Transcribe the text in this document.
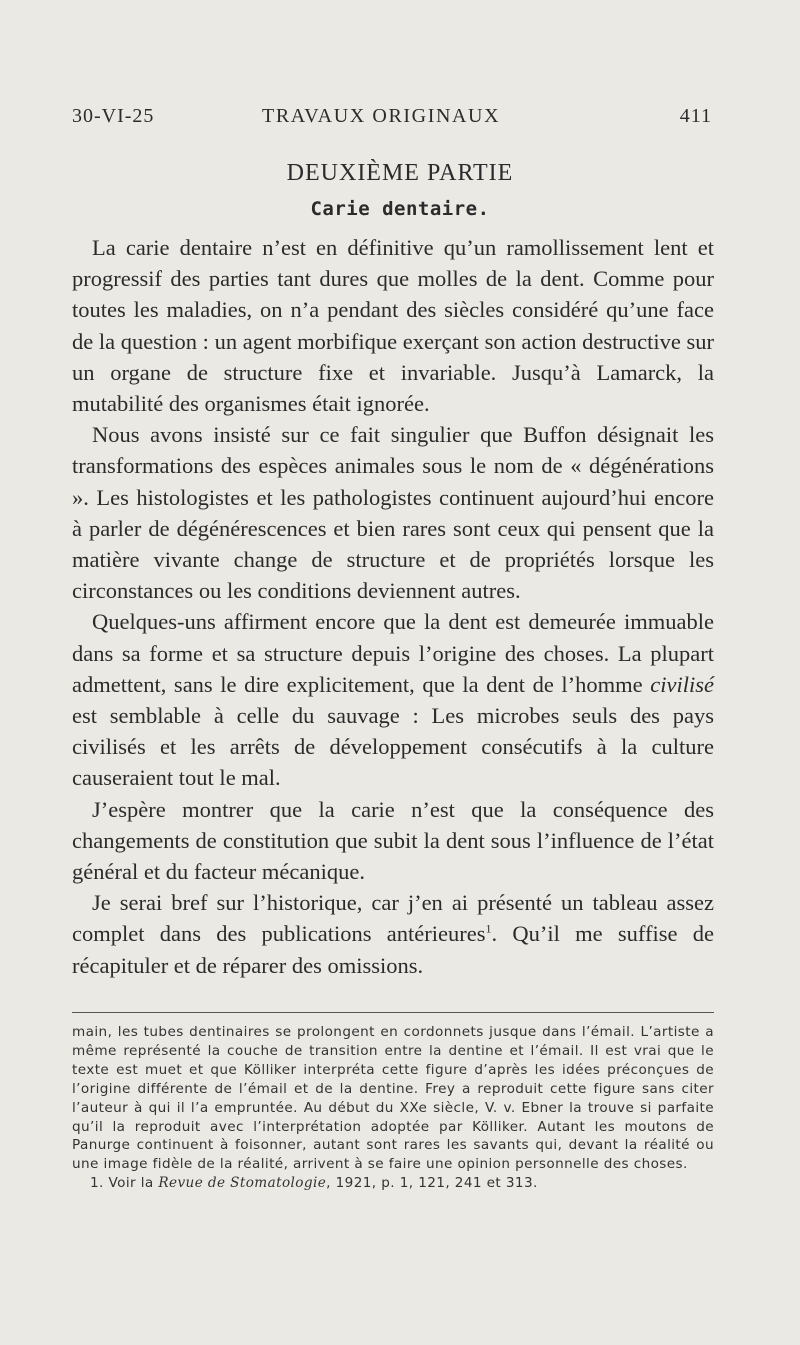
30-VI-25	TRAVAUX ORIGINAUX	411
DEUXIÈME PARTIE
Carie dentaire.

La carie dentaire n’est en définitive qu’un ramollissement lent et progressif des parties tant dures que molles de la dent. Comme pour toutes les maladies, on n’a pendant des siècles considéré qu’une face de la question : un agent morbifique exerçant son action destructive sur un organe de structure fixe et invariable. Jusqu’à Lamarck, la mutabilité des organismes était ignorée.

Nous avons insisté sur ce fait singulier que Buffon désignait les transformations des espèces animales sous le nom de « dégénérations ». Les histologistes et les pathologistes continuent aujourd’hui encore à parler de dégénérescences et bien rares sont ceux qui pensent que la matière vivante change de structure et de propriétés lorsque les circonstances ou les conditions deviennent autres.

Quelques-uns affirment encore que la dent est demeurée immuable dans sa forme et sa structure depuis l’origine des choses. La plupart admettent, sans le dire explicitement, que la dent de l’homme civilisé est semblable à celle du sauvage : Les microbes seuls des pays civilisés et les arrêts de développement consécutifs à la culture causeraient tout le mal.

J’espère montrer que la carie n’est que la conséquence des changements de constitution que subit la dent sous l’influence de l’état général et du facteur mécanique.

Je serai bref sur l’historique, car j’en ai présenté un tableau assez complet dans des publications antérieures$^1$. Qu’il me suffise de récapituler et de réparer des omissions.

main, les tubes dentinaires se prolongent en cordonnets jusque dans l’émail. L’artiste a même représenté la couche de transition entre la dentine et l’émail. Il est vrai que le texte est muet et que Kölliker interpréta cette figure d’après les idées préconçues de l’origine différente de l’émail et de la dentine. Frey a reproduit cette figure sans citer l’auteur à qui il l’a empruntée. Au début du XXe siècle, V. v. Ebner la trouve si parfaite qu’il la reproduit avec l’interprétation adoptée par Kölliker. Autant les moutons de Panurge continuent à foisonner, autant sont rares les savants qui, devant la réalité ou une image fidèle de la réalité, arrivent à se faire une opinion personnelle des choses.

1. Voir la Revue de Stomatologie, 1921, p. 1, 121, 241 et 313.
